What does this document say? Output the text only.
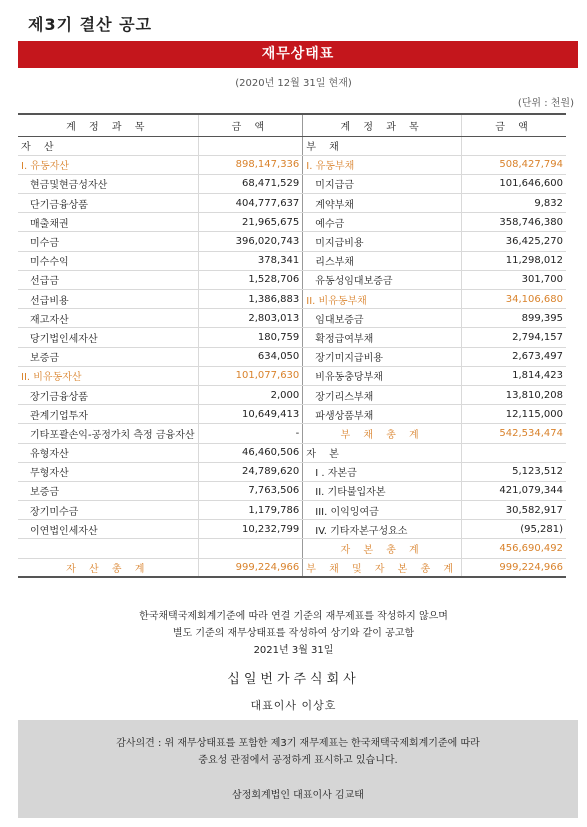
제3기 결산 공고
재무상태표
(2020년 12월 31일 현재)
(단위 : 천원)
계 정 과 목	금 액	계 정 과 목	금 액
자 산		부 채	
I. 유동자산	898,147,336	I. 유동부채	508,427,794
현금및현금성자산	68,471,529	미지급금	101,646,600
단기금융상품	404,777,637	계약부채	9,832
매출채권	21,965,675	예수금	358,746,380
미수금	396,020,743	미지급비용	36,425,270
미수수익	378,341	리스부채	11,298,012
선급금	1,528,706	유동성임대보증금	301,700
선급비용	1,386,883	II. 비유동부채	34,106,680
재고자산	2,803,013	임대보증금	899,395
당기법인세자산	180,759	확정급여부채	2,794,157
보증금	634,050	장기미지급비용	2,673,497
II. 비유동자산	101,077,630	비유동충당부채	1,814,423
장기금융상품	2,000	장기리스부채	13,810,208
관계기업투자	10,649,413	파생상품부채	12,115,000
기타포괄손익-공정가치 측정 금융자산	-	부 채 총 계	542,534,474
유형자산	46,460,506	자 본	
무형자산	24,789,620	I . 자본금	5,123,512
보증금	7,763,506	II. 기타불입자본	421,079,344
장기미수금	1,179,786	III. 이익잉여금	30,582,917
이연법인세자산	10,232,799	IV. 기타자본구성요소	(95,281)
		자 본 총 계	456,690,492
자 산 총 계	999,224,966	부 채 및 자 본 총 계	999,224,966
한국채택국제회계기준에 따라 연결 기준의 재무제표를 작성하지 않으며
별도 기준의 재무상태표를 작성하여 상기와 같이 공고함
2021년 3월 31일
십일번가주식회사
대표이사 이상호
감사의견 : 위 재무상태표를 포함한 제3기 재무제표는 한국채택국제회계기준에 따라
중요성 관점에서 공정하게 표시하고 있습니다.
삼정회계법인 대표이사 김교태
